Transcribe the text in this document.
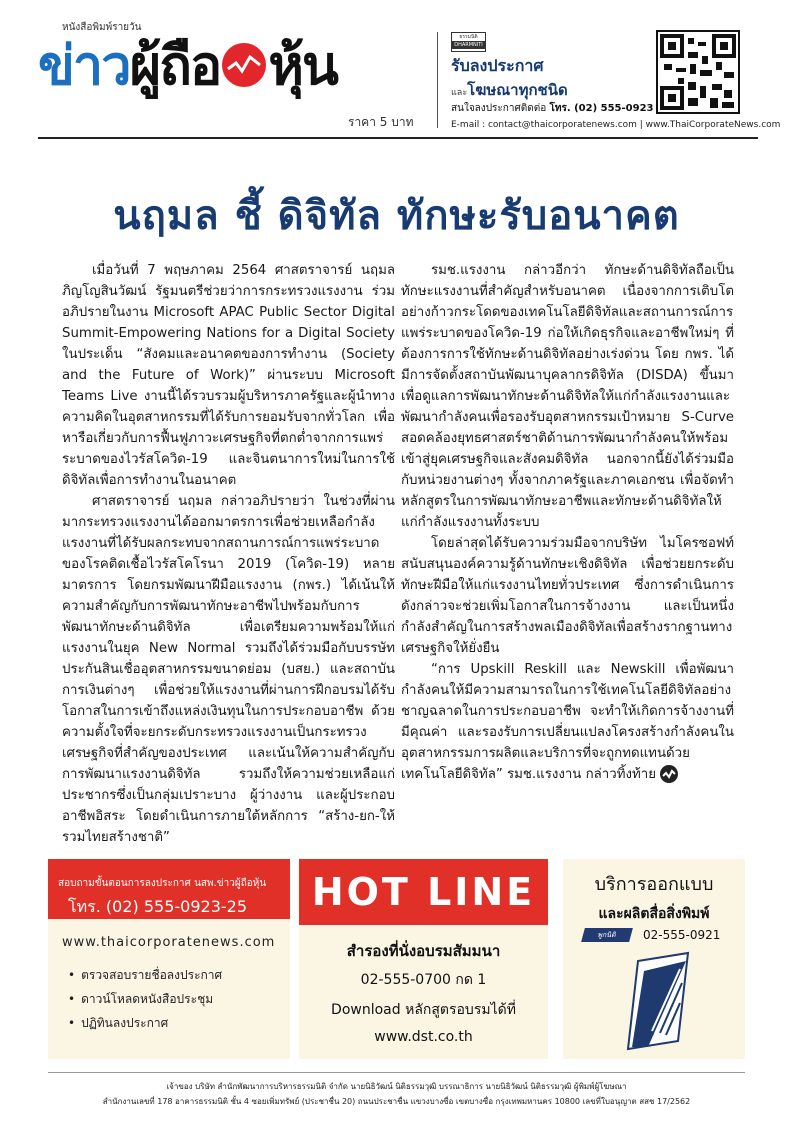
หนังสือพิมพ์รายวัน
ข่าว ผู้ถือ หุ้น
ราคา 5 บาท
ธรรมนิติ
DHARMNITI
รับลงประกาศ
และโฆษณาทุกชนิด
สนใจลงประกาศติดต่อ โทร. (02) 555-0923
E-mail : contact@thaicorporatenews.com | www.ThaiCorporateNews.com
นฤมล ชี้ ดิจิทัล ทักษะรับอนาคต

เมื่อวันที่ 7 พฤษภาคม 2564 ศาสตราจารย์ นฤมล ภิญโญสินวัฒน์ รัฐมนตรีช่วยว่าการกระทรวงแรงงาน ร่วมอภิปรายในงาน Microsoft APAC Public Sector Digital Summit-Empowering Nations for a Digital Society ในประเด็น “สังคมและอนาคตของการทำงาน (Society and the Future of Work)” ผ่านระบบ Microsoft Teams Live งานนี้ได้รวบรวมผู้บริหารภาครัฐและผู้นำทางความคิดในอุตสาหกรรมที่ได้รับการยอมรับจากทั่วโลก เพื่อหารือเกี่ยวกับการฟื้นฟูภาวะเศรษฐกิจที่ตกต่ำจากการแพร่ระบาดของไวรัสโควิด-19 และจินตนาการใหม่ในการใช้ดิจิทัลเพื่อการทำงานในอนาคต

ศาสตราจารย์ นฤมล กล่าวอภิปรายว่า ในช่วงที่ผ่านมากระทรวงแรงงานได้ออกมาตรการเพื่อช่วยเหลือกำลังแรงงานที่ได้รับผลกระทบจากสถานการณ์การแพร่ระบาดของโรคติดเชื้อไวรัสโคโรนา 2019 (โควิด-19) หลายมาตรการ โดยกรมพัฒนาฝีมือแรงงาน (กพร.) ได้เน้นให้ความสำคัญกับการพัฒนาทักษะอาชีพไปพร้อมกับการพัฒนาทักษะด้านดิจิทัล เพื่อเตรียมความพร้อมให้แก่แรงงานในยุค New Normal รวมถึงได้ร่วมมือกับบรรษัทประกันสินเชื่ออุตสาหกรรมขนาดย่อม (บสย.) และสถาบันการเงินต่างๆ เพื่อช่วยให้แรงงานที่ผ่านการฝึกอบรมได้รับโอกาสในการเข้าถึงแหล่งเงินทุนในการประกอบอาชีพ ด้วยความตั้งใจที่จะยกระดับกระทรวงแรงงานเป็นกระทรวงเศรษฐกิจที่สำคัญของประเทศ และเน้นให้ความสำคัญกับการพัฒนาแรงงานดิจิทัล รวมถึงให้ความช่วยเหลือแก่ประชากรซึ่งเป็นกลุ่มเปราะบาง ผู้ว่างงาน และผู้ประกอบอาชีพอิสระ โดยดำเนินการภายใต้หลักการ “สร้าง-ยก-ให้ รวมไทยสร้างชาติ”

รมช.แรงงาน กล่าวอีกว่า ทักษะด้านดิจิทัลถือเป็นทักษะแรงงานที่สำคัญสำหรับอนาคต เนื่องจากการเติบโตอย่างก้าวกระโดดของเทคโนโลยีดิจิทัลและสถานการณ์การแพร่ระบาดของโควิด-19 ก่อให้เกิดธุรกิจและอาชีพใหม่ๆ ที่ต้องการการใช้ทักษะด้านดิจิทัลอย่างเร่งด่วน โดย กพร. ได้มีการจัดตั้งสถาบันพัฒนาบุคลากรดิจิทัล (DISDA) ขึ้นมา เพื่อดูแลการพัฒนาทักษะด้านดิจิทัลให้แก่กำลังแรงงานและพัฒนากำลังคนเพื่อรองรับอุตสาหกรรมเป้าหมาย S-Curve สอดคล้องยุทธศาสตร์ชาติด้านการพัฒนากำลังคนให้พร้อมเข้าสู่ยุคเศรษฐกิจและสังคมดิจิทัล นอกจากนี้ยังได้ร่วมมือกับหน่วยงานต่างๆ ทั้งจากภาครัฐและภาคเอกชน เพื่อจัดทำหลักสูตรในการพัฒนาทักษะอาชีพและทักษะด้านดิจิทัลให้แก่กำลังแรงงานทั้งระบบ

โดยล่าสุดได้รับความร่วมมือจากบริษัท ไมโครซอฟท์ สนับสนุนองค์ความรู้ด้านทักษะเชิงดิจิทัล เพื่อช่วยยกระดับทักษะฝีมือให้แก่แรงงานไทยทั่วประเทศ ซึ่งการดำเนินการดังกล่าวจะช่วยเพิ่มโอกาสในการจ้างงาน และเป็นหนึ่งกำลังสำคัญในการสร้างพลเมืองดิจิทัลเพื่อสร้างรากฐานทางเศรษฐกิจให้ยั่งยืน

“การ Upskill Reskill และ Newskill เพื่อพัฒนากำลังคนให้มีความสามารถในการใช้เทคโนโลยีดิจิทัลอย่างชาญฉลาดในการประกอบอาชีพ จะทำให้เกิดการจ้างงานที่มีคุณค่า และรองรับการเปลี่ยนแปลงโครงสร้างกำลังคนในอุตสาหกรรมการผลิตและบริการที่จะถูกทดแทนด้วยเทคโนโลยีดิจิทัล” รมช.แรงงาน กล่าวทิ้งท้าย

สอบถามขั้นตอนการลงประกาศ นสพ.ข่าวผู้ถือหุ้น
โทร. (02) 555-0923-25
www.thaicorporatenews.com
• ตรวจสอบรายชื่อลงประกาศ
• ดาวน์โหลดหนังสือประชุม
• ปฏิทินลงประกาศ
HOT LINE
สำรองที่นั่งอบรมสัมมนา
02-555-0700 กด 1
Download หลักสูตรอบรมได้ที่
www.dst.co.th
บริการออกแบบ
และผลิตสื่อสิ่งพิมพ์
พูกนิติ	02-555-0921
เจ้าของ บริษัท สำนักพัฒนาการบริหารธรรมนิติ จำกัด นายนิธิวัฒน์ นิติธรรมวุฒิ บรรณาธิการ นายนิธิวัฒน์ นิติธรรมวุฒิ ผู้พิมพ์ผู้โฆษณา
สำนักงานเลขที่ 178 อาคารธรรมนิติ ชั้น 4 ซอยเพิ่มทรัพย์ (ประชาชื่น 20) ถนนประชาชื่น แขวงบางซื่อ เขตบางซื่อ กรุงเทพมหานคร 10800 เลขที่ใบอนุญาต สสช 17/2562
